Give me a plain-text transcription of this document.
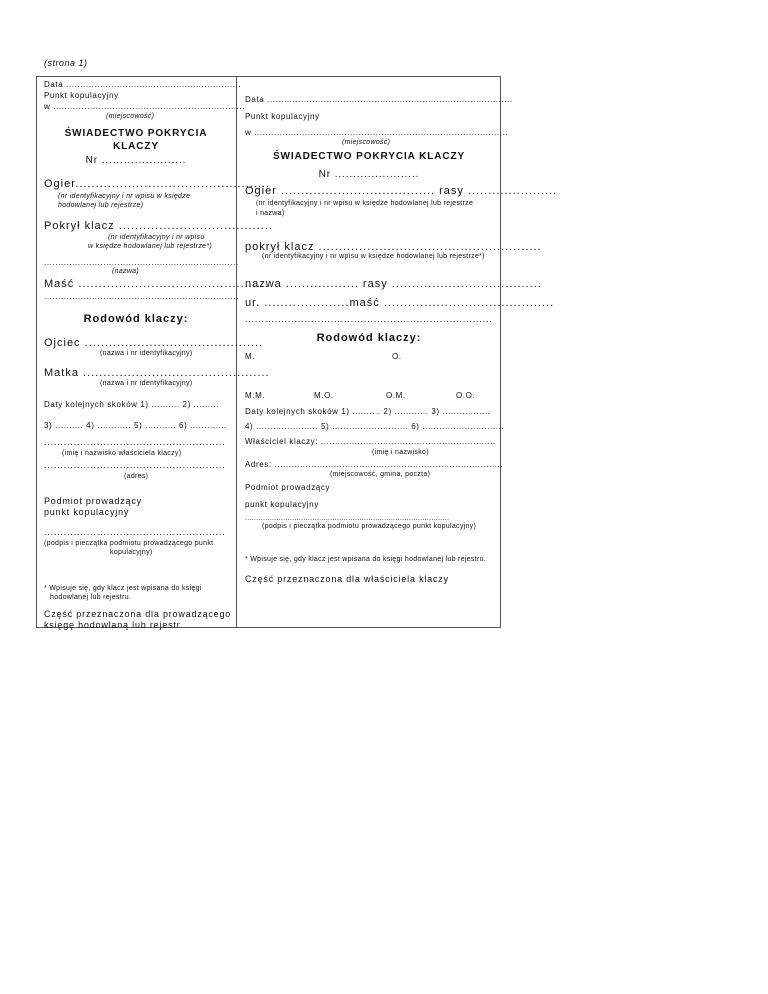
(strona 1)
Data ..............................................................
Punkt kopulacyjny
w ....................................................................
(miejscowość)
ŚWIADECTWO POKRYCIA
KLACZY
Nr .......................
Ogier................................................
(nr identyfikacyjny i nr wpisu w księdze
hodowlanej lub rejestrze)
Pokrył klacz ......................................
(nr identyfikacyjny i nr wpisu
w księdze hodowlanej lub rejestrze*)
.....................................................................
(nazwa)
Maść ...............................................
.....................................................................
Rodowód klaczy:
Ojciec ............................................
(nazwa i nr identyfikacyjny)
Matka ..............................................
(nazwa i nr identyfikacyjny)
Daty kolejnych skoków 1) .......... 2) .........
3) .......... 4) ............ 5) ........... 6) .............
.......................................................
(imię i nazwisko właściciela klaczy)
.......................................................
(adres)
Podmiot prowadzący
punkt kopulacyjny
.......................................................
(podpis i pieczątka podmiotu prowadzącego punkt
kopulacyjny)
* Wpisuje się, gdy klacz jest wpisana do księgi
hodowlanej lub rejestru.
Część przeznaczona dla prowadzącego
księgę hodowlaną lub rejestr
Data .......................................................................................
Punkt kopulacyjny
w ..........................................................................................
(miejscowość)
ŚWIADECTWO POKRYCIA KLACZY
Nr .......................
Ogier ...................................... rasy ......................
(nr identyfikacyjny i nr wpisu w księdze hodowlanej lub rejestrze
i nazwa)
pokrył klacz .......................................................
(nr identyfikacyjny i nr wpisu w księdze hodowlanej lub rejestrze*)
nazwa .................. rasy .....................................
ur. .....................maść ..........................................
...........................................................................
Rodowód klaczy:
M.	O.
M.M.	M.O.	O.M.	O.O.
Daty kolejnych skoków 1) .......... 2) ............ 3) .................
4) ...................... 5) ........................... 6) .............................
Właściciel klaczy: ..............................................................
(imię i nazwisko)
Adres: .................................................................................
(miejscowość, gmina, poczta)
Podmiot prowadzący
punkt kopulacyjny
...........................................................................................
(podpis i pieczątka podmiotu prowadzącego punkt kopulacyjny)
* Wpisuje się, gdy klacz jest wpisana do księgi hodowlanej lub rejestru.
Część przeznaczona dla właściciela klaczy
